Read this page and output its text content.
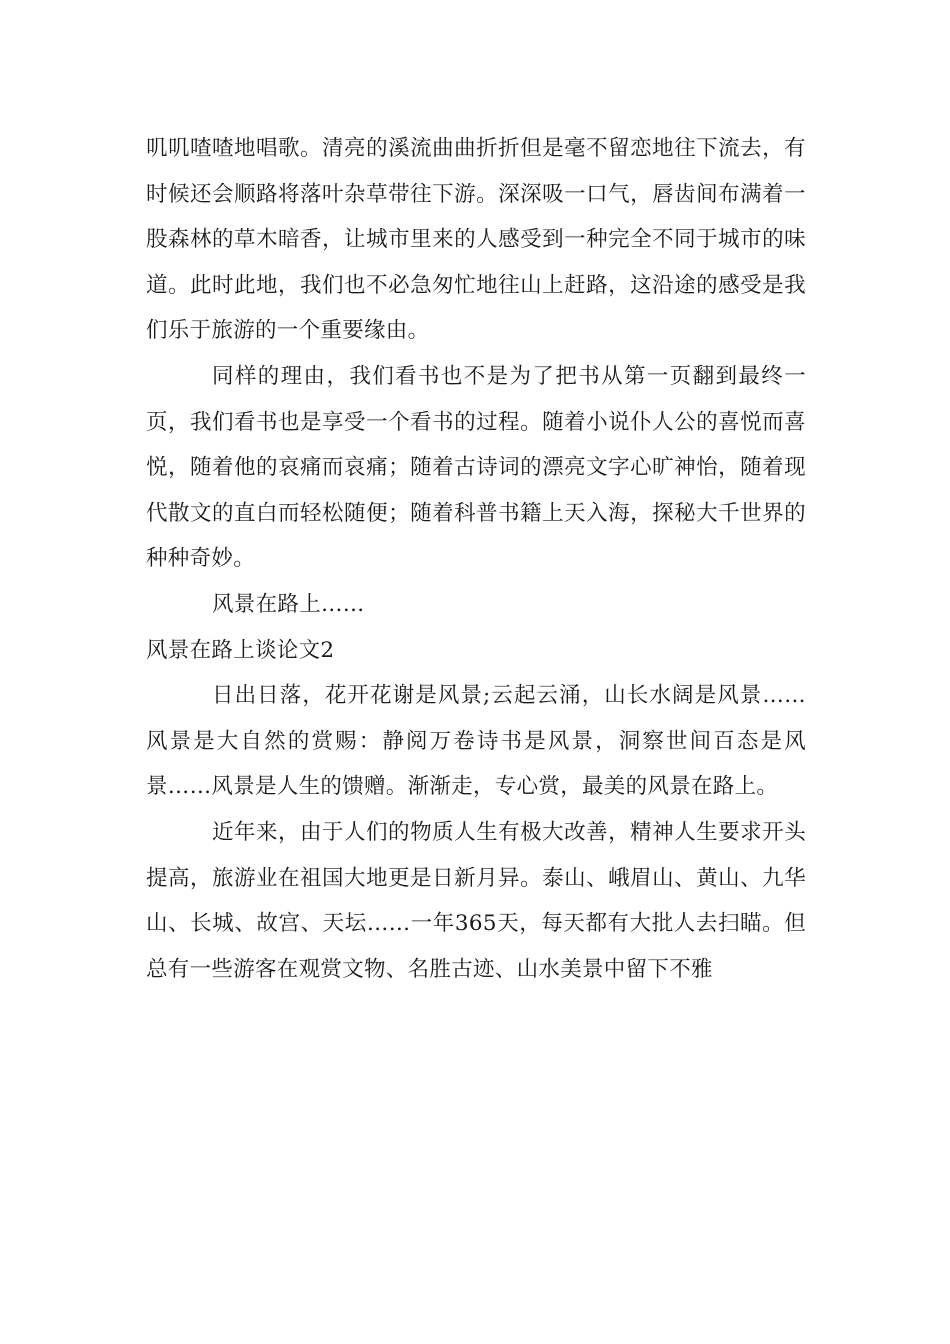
叽叽喳喳地唱歌。清亮的溪流曲曲折折但是毫不留恋地往下流去，有时候还会顺路将落叶杂草带往下游。深深吸一口气，唇齿间布满着一股森林的草木暗香，让城市里来的人感受到一种完全不同于城市的味道。此时此地，我们也不必急匆忙地往山上赶路，这沿途的感受是我们乐于旅游的一个重要缘由。

同样的理由，我们看书也不是为了把书从第一页翻到最终一页，我们看书也是享受一个看书的过程。随着小说仆人公的喜悦而喜悦，随着他的哀痛而哀痛；随着古诗词的漂亮文字心旷神怡，随着现代散文的直白而轻松随便；随着科普书籍上天入海，探秘大千世界的种种奇妙。

风景在路上……

风景在路上谈论文2

日出日落，花开花谢是风景;云起云涌，山长水阔是风景……风景是大自然的赏赐：静阅万卷诗书是风景，洞察世间百态是风景……风景是人生的馈赠。渐渐走，专心赏，最美的风景在路上。

近年来，由于人们的物质人生有极大改善，精神人生要求开头提高，旅游业在祖国大地更是日新月异。泰山、峨眉山、黄山、九华山、长城、故宫、天坛……一年365天，每天都有大批人去扫瞄。但总有一些游客在观赏文物、名胜古迹、山水美景中留下不雅
